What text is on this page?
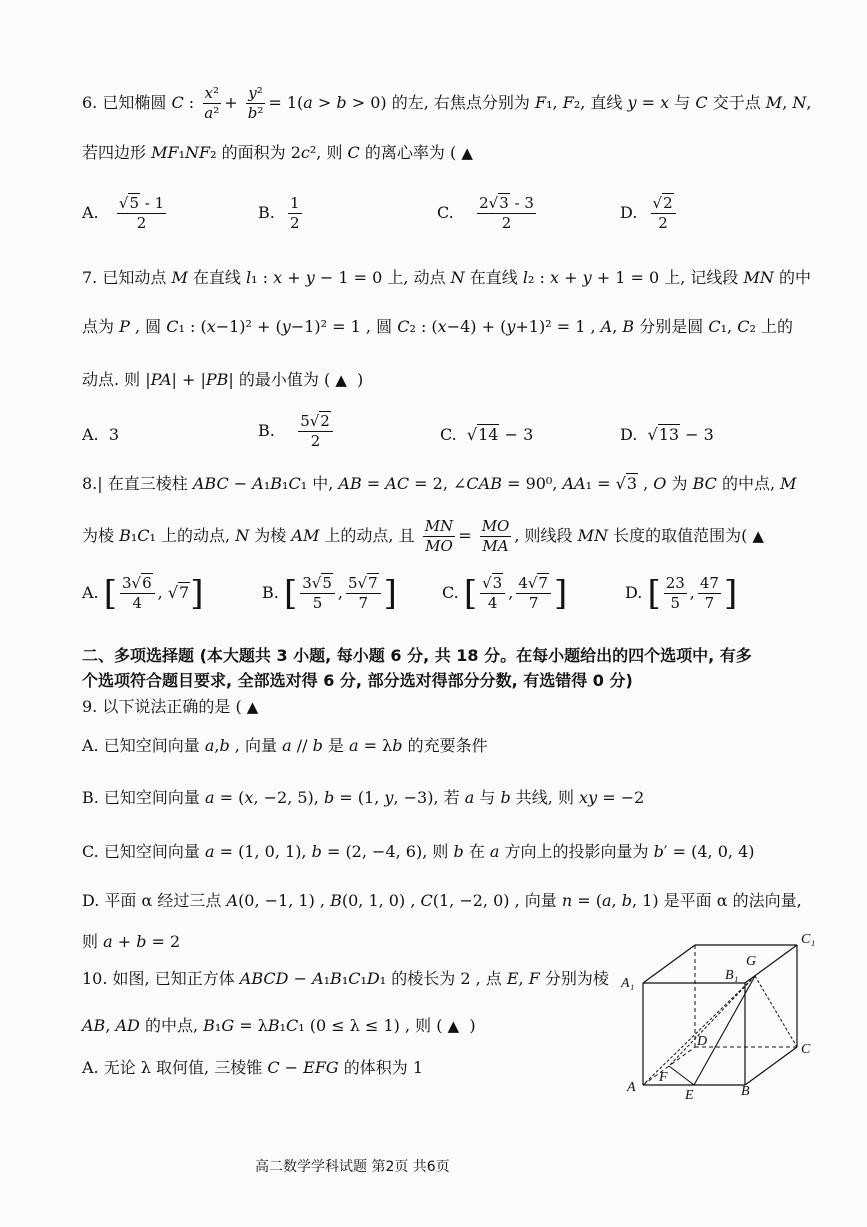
6. 已知椭圆 C : $\frac{\text{x²}}{\text{a²}} + \frac{\text{y²}}{\text{b²}} = 1(a > b > 0)$ 的左, 右焦点分别为 F₁, F₂, 直线 y = x 与 C 交于点 M, N,
若四边形 MF₁NF₂ 的面积为 2c², 则 C 的离心率为 ( ▲
A. $\frac{√5 - 1}{2}$	B. $\frac{1}{2}$	C. $\frac{2√3 - 3}{2}$	D. $\frac{√2}{2}$
7. 已知动点 M 在直线 l₁ : x + y − 1 = 0 上, 动点 N 在直线 l₂ : x + y + 1 = 0 上, 记线段 MN 的中
点为 P , 圆 C₁ : (x−1)² + (y−1)² = 1 , 圆 C₂ : (x−4) + (y+1)² = 1 , A, B 分别是圆 C₁, C₂ 上的
动点. 则 |PA| + |PB| 的最小值为 ( ▲  )
A.  3	B. $\frac{5√2}{2}$	C.  √14 − 3	D.  √13 − 3
8.| 在直三棱柱 ABC − A₁B₁C₁ 中, AB = AC = 2, ∠CAB = 90⁰, AA₁ = √3 , O 为 BC 的中点, M
为棱 B₁C₁ 上的动点, N 为棱 AM 上的动点, 且 $\frac{MN}{MO} = \frac{MO}{MA}$ , 则线段 MN 长度的取值范围为( ▲
A. [ $\frac{3√6}{4}$ , √7]	B. [ $\frac{3√5}{5}$ , $\frac{5√7}{7}$ ]	C. [ $\frac{√3}{4}$ , $\frac{4√7}{7}$ ]	D. [ $\frac{23}{5}$ , $\frac{47}{7}$ ]
二、多项选择题 (本大题共 3 小题, 每小题 6 分, 共 18 分。在每小题给出的四个选项中, 有多
个选项符合题目要求, 全部选对得 6 分, 部分选对得部分分数, 有选错得 0 分)
9. 以下说法正确的是 ( ▲
A. 已知空间向量 a,b , 向量 a // b 是 a = λb 的充要条件
B. 已知空间向量 a = (x, −2, 5), b = (1, y, −3), 若 a 与 b 共线, 则 xy = −2
C. 已知空间向量 a = (1, 0, 1), b = (2, −4, 6), 则 b 在 a 方向上的投影向量为 b′ = (4, 0, 4)
D. 平面 α 经过三点 A(0, −1, 1) , B(0, 1, 0) , C(1, −2, 0) , 向量 n = (a, b, 1) 是平面 α 的法向量,
则 a + b = 2
10. 如图, 已知正方体 ABCD − A₁B₁C₁D₁ 的棱长为 2 , 点 E, F 分别为棱
AB, AD 的中点, B₁G = λB₁C₁ (0 ≤ λ ≤ 1) , 则 ( ▲  )
A. 无论 λ 取何值, 三棱锥 C − EFG 的体积为 1
C₁
A₁
B₁
G
D
C
A
F
E	B
高二数学学科试题 第2页 共6页
